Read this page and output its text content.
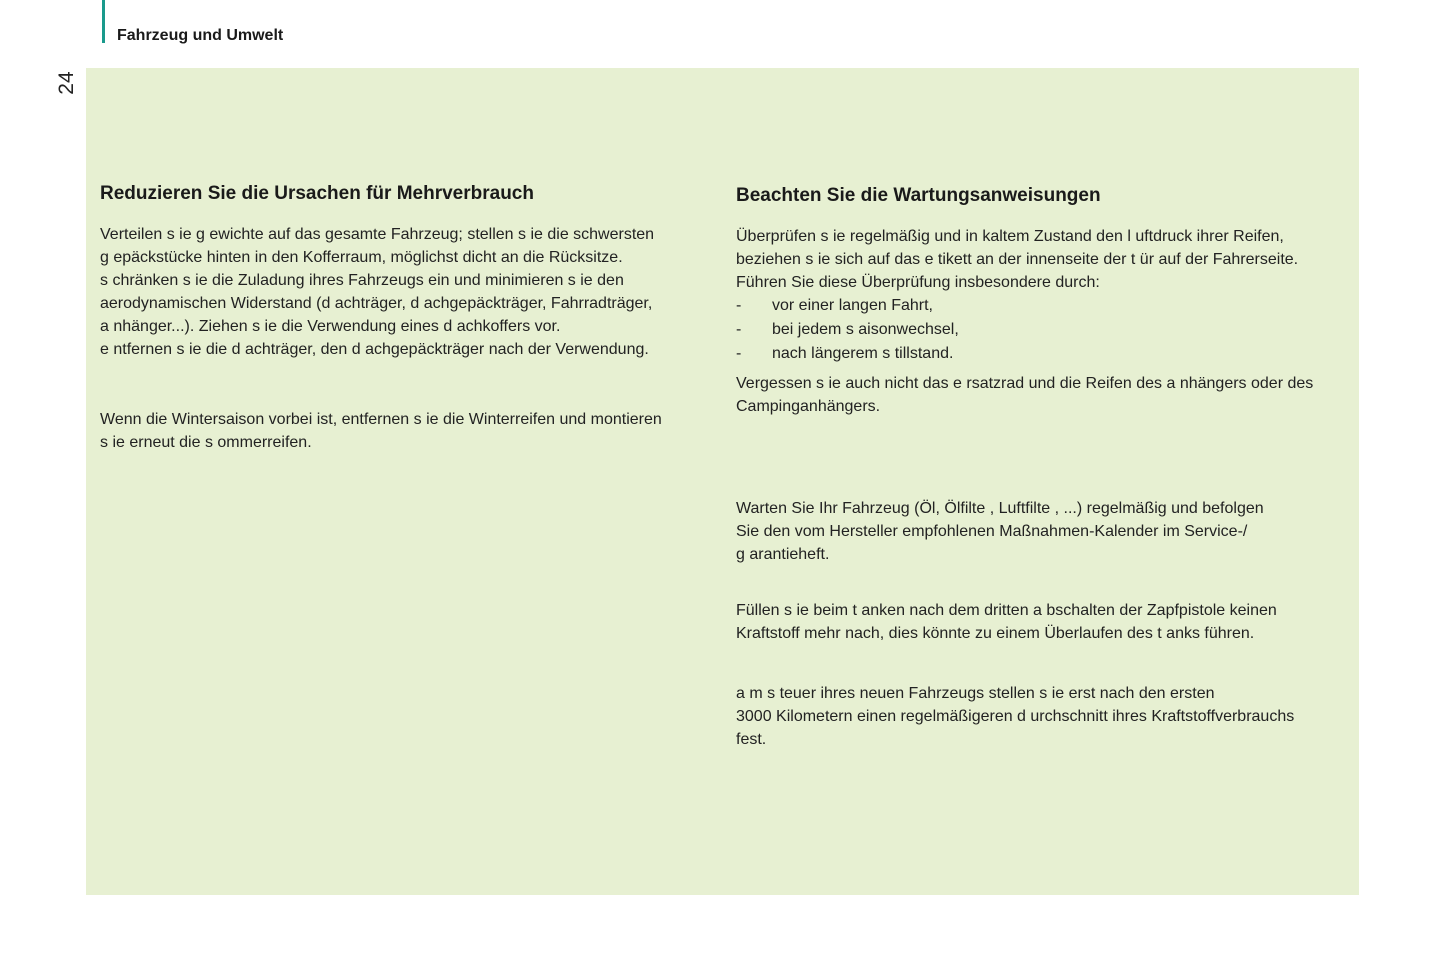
Fahrzeug und Umwelt
24
Reduzieren Sie die Ursachen für Mehrverbrauch

Verteilen s ie g ewichte auf das gesamte Fahrzeug; stellen s ie die schwersten
g epäckstücke hinten in den Kofferraum, möglichst dicht an die Rücksitze.
s chränken s ie die Zuladung ihres Fahrzeugs ein und minimieren s ie den
aerodynamischen Widerstand (d achträger, d achgepäckträger, Fahrradträger,
a nhänger...). Ziehen s ie die Verwendung eines d achkoffers vor.
e ntfernen s ie die d achträger, den d achgepäckträger nach der Verwendung.

Wenn die Wintersaison vorbei ist, entfernen s ie die Winterreifen und montieren
s ie erneut die s ommerreifen.

Beachten Sie die Wartungsanweisungen

Überprüfen s ie regelmäßig und in kaltem Zustand den l uftdruck ihrer Reifen,
beziehen s ie sich auf das e tikett an der innenseite der t ür auf der Fahrerseite.
Führen Sie diese Überprüfung insbesondere durch:

- vor einer langen Fahrt,
- bei jedem s aisonwechsel,
- nach längerem s tillstand.

Vergessen s ie auch nicht das e rsatzrad und die Reifen des a nhängers oder des
Campinganhängers.

Warten Sie Ihr Fahrzeug (Öl, Ölfilte , Luftfilte , ...) regelmäßig und befolgen
Sie den vom Hersteller empfohlenen Maßnahmen-Kalender im Service-/
g arantieheft.

Füllen s ie beim t anken nach dem dritten a bschalten der Zapfpistole keinen
Kraftstoff mehr nach, dies könnte zu einem Überlaufen des t anks führen.

a m s teuer ihres neuen Fahrzeugs stellen s ie erst nach den ersten
3000 Kilometern einen regelmäßigeren d urchschnitt ihres Kraftstoffverbrauchs
fest.
